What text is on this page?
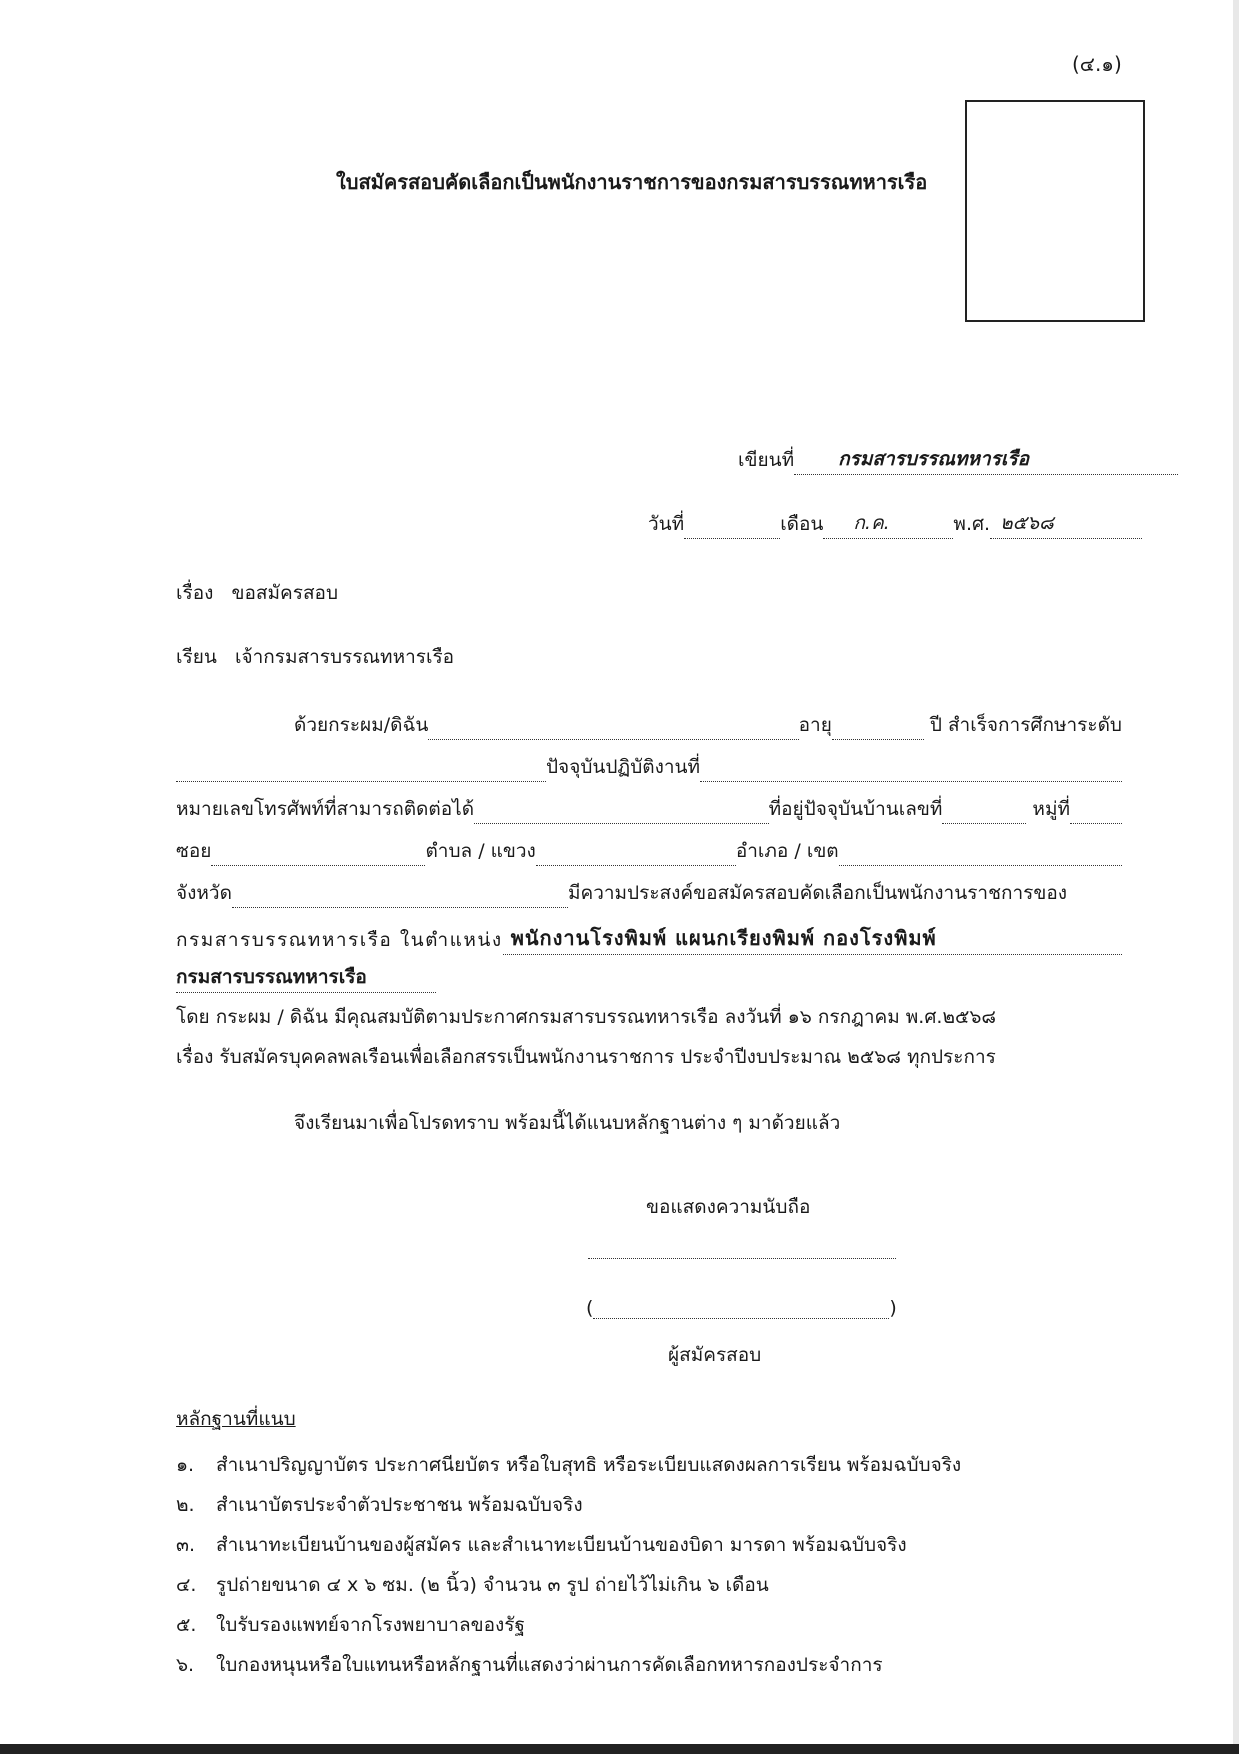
(๔.๑)
ใบสมัครสอบคัดเลือกเป็นพนักงานราชการของกรมสารบรรณทหารเรือ
เขียนที่	กรมสารบรรณทหารเรือ
วันที่	เดือน	ก.ค.	พ.ศ. ๒๕๖๘
เรื่อง ขอสมัครสอบ
เรียน เจ้ากรมสารบรรณทหารเรือ
ด้วยกระผม/ดิฉัน	อายุ	ปี สำเร็จการศึกษาระดับ
ปัจจุบันปฏิบัติงานที่
หมายเลขโทรศัพท์ที่สามารถติดต่อได้	ที่อยู่ปัจจุบันบ้านเลขที่	หมู่ที่
ซอย	ตำบล / แขวง	อำเภอ / เขต
จังหวัด	มีความประสงค์ขอสมัครสอบคัดเลือกเป็นพนักงานราชการของ
กรมสารบรรณทหารเรือ ในตำแหน่ง พนักงานโรงพิมพ์ แผนกเรียงพิมพ์ กองโรงพิมพ์
กรมสารบรรณทหารเรือ
โดย กระผม / ดิฉัน มีคุณสมบัติตามประกาศกรมสารบรรณทหารเรือ ลงวันที่ ๑๖ กรกฎาคม พ.ศ.๒๕๖๘
เรื่อง รับสมัครบุคคลพลเรือนเพื่อเลือกสรรเป็นพนักงานราชการ ประจำปีงบประมาณ ๒๕๖๘ ทุกประการ
จึงเรียนมาเพื่อโปรดทราบ พร้อมนี้ได้แนบหลักฐานต่าง ๆ มาด้วยแล้ว
ขอแสดงความนับถือ
(	)
ผู้สมัครสอบ
หลักฐานที่แนบ
๑. สำเนาปริญญาบัตร ประกาศนียบัตร หรือใบสุทธิ หรือระเบียบแสดงผลการเรียน พร้อมฉบับจริง
๒. สำเนาบัตรประจำตัวประชาชน พร้อมฉบับจริง
๓. สำเนาทะเบียนบ้านของผู้สมัคร และสำเนาทะเบียนบ้านของบิดา มารดา พร้อมฉบับจริง
๔. รูปถ่ายขนาด ๔ x ๖ ซม. (๒ นิ้ว) จำนวน ๓ รูป ถ่ายไว้ไม่เกิน ๖ เดือน
๕. ใบรับรองแพทย์จากโรงพยาบาลของรัฐ
๖. ใบกองหนุนหรือใบแทนหรือหลักฐานที่แสดงว่าผ่านการคัดเลือกทหารกองประจำการ
